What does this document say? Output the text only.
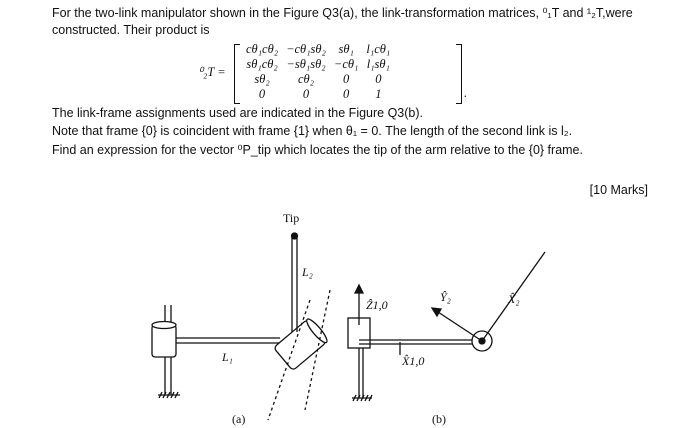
For the two-link manipulator shown in the Figure Q3(a), the link-transformation matrices, ⁰₁T and ¹₂T,were
constructed. Their product is
⁰₂T =
cθ₁cθ₂	−cθ₁sθ₂	sθ₁	l₁cθ₁
sθ₁cθ₂	−sθ₁sθ₂	−cθ₁	l₁sθ₁
sθ₂	cθ₂	0	0
0	0	0	1	.
The link-frame assignments used are indicated in the Figure Q3(b).
Note that frame {0} is coincident with frame {1} when θ₁ = 0. The length of the second link is l₂.
Find an expression for the vector ⁰P_tip which locates the tip of the arm relative to the {0} frame.
[10 Marks]
Tip
L₂
L₁
(a)	(b)
Ẑ1,0
X̂1,0
Ŷ₂	X̂₂
